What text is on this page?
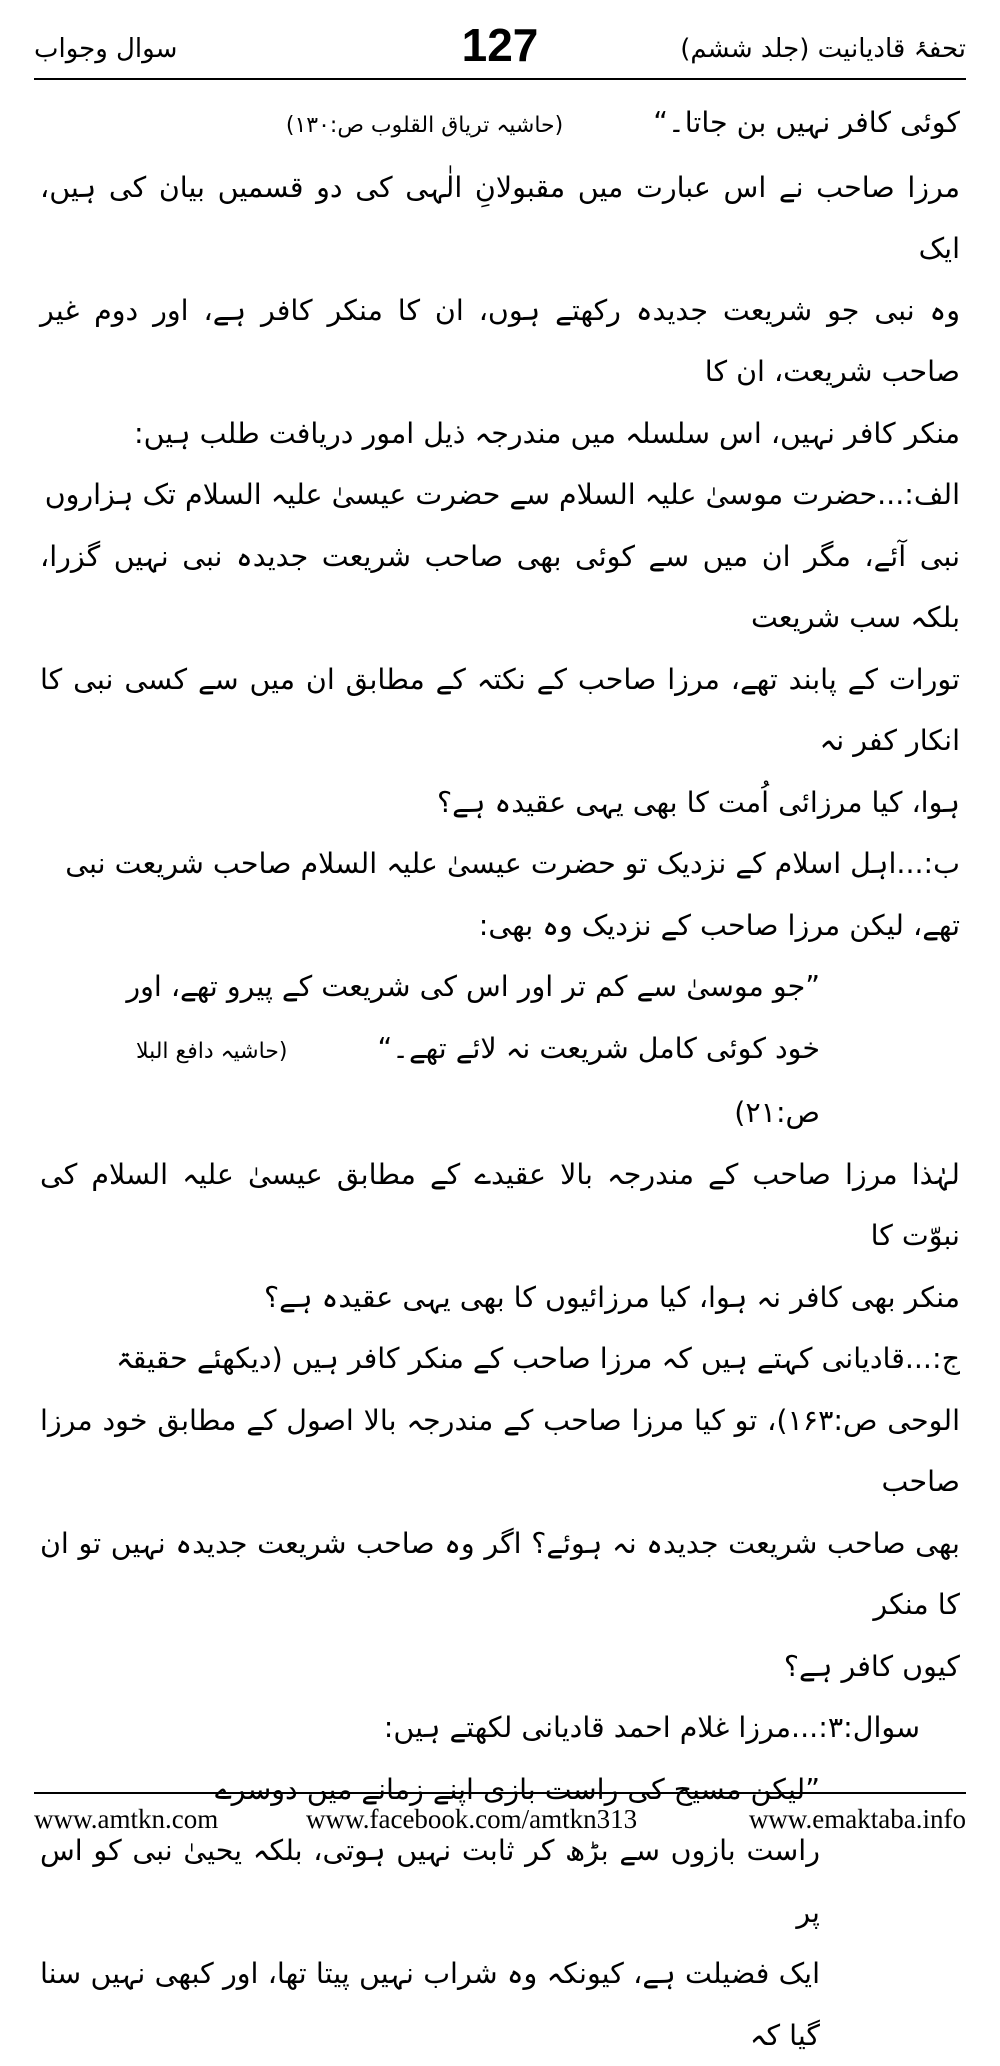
سوال وجواب	127	تحفۂ قادیانیت (جلد ششم)

کوئی کافر نہیں بن جاتا۔“(حاشیہ تریاق القلوب ص:۱۳۰)

مرزا صاحب نے اس عبارت میں مقبولانِ الٰہی کی دو قسمیں بیان کی ہیں، ایک
وہ نبی جو شریعت جدیدہ رکھتے ہوں، ان کا منکر کافر ہے، اور دوم غیر صاحب شریعت، ان کا
منکر کافر نہیں، اس سلسلہ میں مندرجہ ذیل امور دریافت طلب ہیں:

الف:...حضرت موسیٰ علیہ السلام سے حضرت عیسیٰ علیہ السلام تک ہزاروں
نبی آئے، مگر ان میں سے کوئی بھی صاحب شریعت جدیدہ نبی نہیں گزرا، بلکہ سب شریعت
تورات کے پابند تھے، مرزا صاحب کے نکتہ کے مطابق ان میں سے کسی نبی کا انکار کفر نہ
ہوا، کیا مرزائی اُمت کا بھی یہی عقیدہ ہے؟

ب:...اہل اسلام کے نزدیک تو حضرت عیسیٰ علیہ السلام صاحب شریعت نبی
تھے، لیکن مرزا صاحب کے نزدیک وہ بھی:

”جو موسیٰ سے کم تر اور اس کی شریعت کے پیرو تھے، اور
خود کوئی کامل شریعت نہ لائے تھے۔“(حاشیہ دافع البلا
ص:۲۱)

لہٰذا مرزا صاحب کے مندرجہ بالا عقیدے کے مطابق عیسیٰ علیہ السلام کی نبوّت کا
منکر بھی کافر نہ ہوا، کیا مرزائیوں کا بھی یہی عقیدہ ہے؟

ج:...قادیانی کہتے ہیں کہ مرزا صاحب کے منکر کافر ہیں (دیکھئے حقیقۃ
الوحی ص:۱۶۳)، تو کیا مرزا صاحب کے مندرجہ بالا اصول کے مطابق خود مرزا صاحب
بھی صاحب شریعت جدیدہ نہ ہوئے؟ اگر وہ صاحب شریعت جدیدہ نہیں تو ان کا منکر
کیوں کافر ہے؟

سوال:۳:...مرزا غلام احمد قادیانی لکھتے ہیں:

”لیکن مسیح کی راست بازی اپنے زمانے میں دوسرے
راست بازوں سے بڑھ کر ثابت نہیں ہوتی، بلکہ یحییٰ نبی کو اس پر
ایک فضیلت ہے، کیونکہ وہ شراب نہیں پیتا تھا، اور کبھی نہیں سنا گیا کہ

www.amtkn.com	www.facebook.com/amtkn313	www.emaktaba.info
